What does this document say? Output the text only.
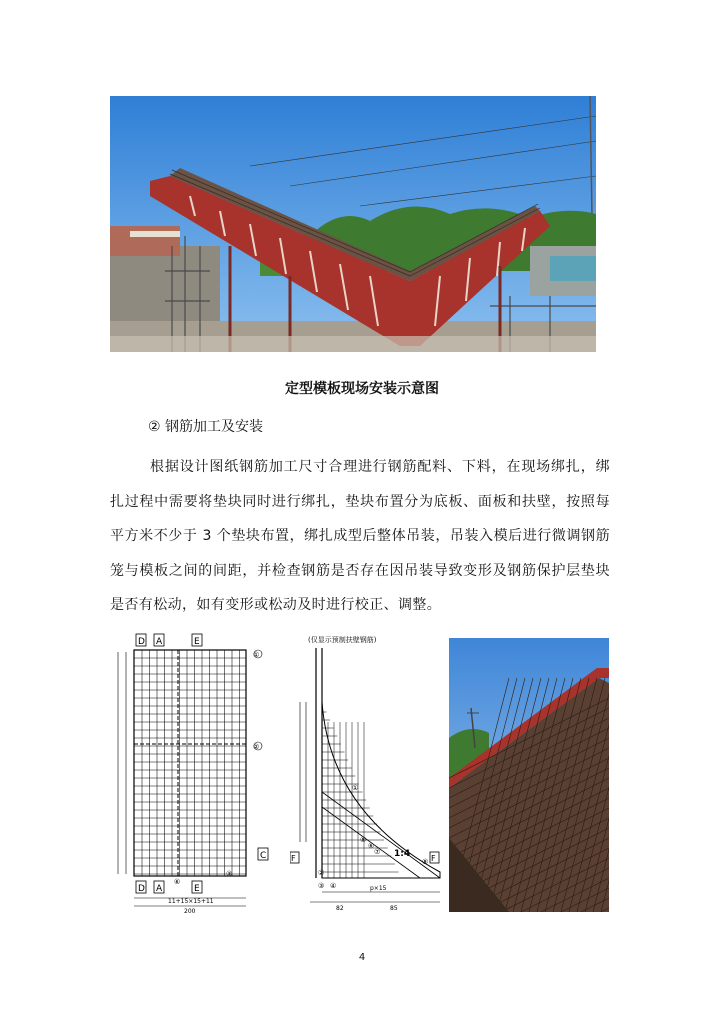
定型模板现场安装示意图
② 钢筋加工及安装
根据设计图纸钢筋加工尺寸合理进行钢筋配料、下料，在现场绑扎，绑扎过程中需要将垫块同时进行绑扎，垫块布置分为底板、面板和扶壁，按照每平方米不少于 3 个垫块布置，绑扎成型后整体吊装，吊装入模后进行微调钢筋笼与模板之间的间距，并检查钢筋是否存在因吊装导致变形及钢筋保护层垫块是否有松动，如有变形或松动及时进行校正、调整。
D A	E
①
②
③
⑥
C
D A	E
11+15×15+11
200
(仅显示预制扶壁钢筋)
①
⑤
⑥
⑦
⑧
1:4
F	F
②
③ ④	p×15
82	85
4
